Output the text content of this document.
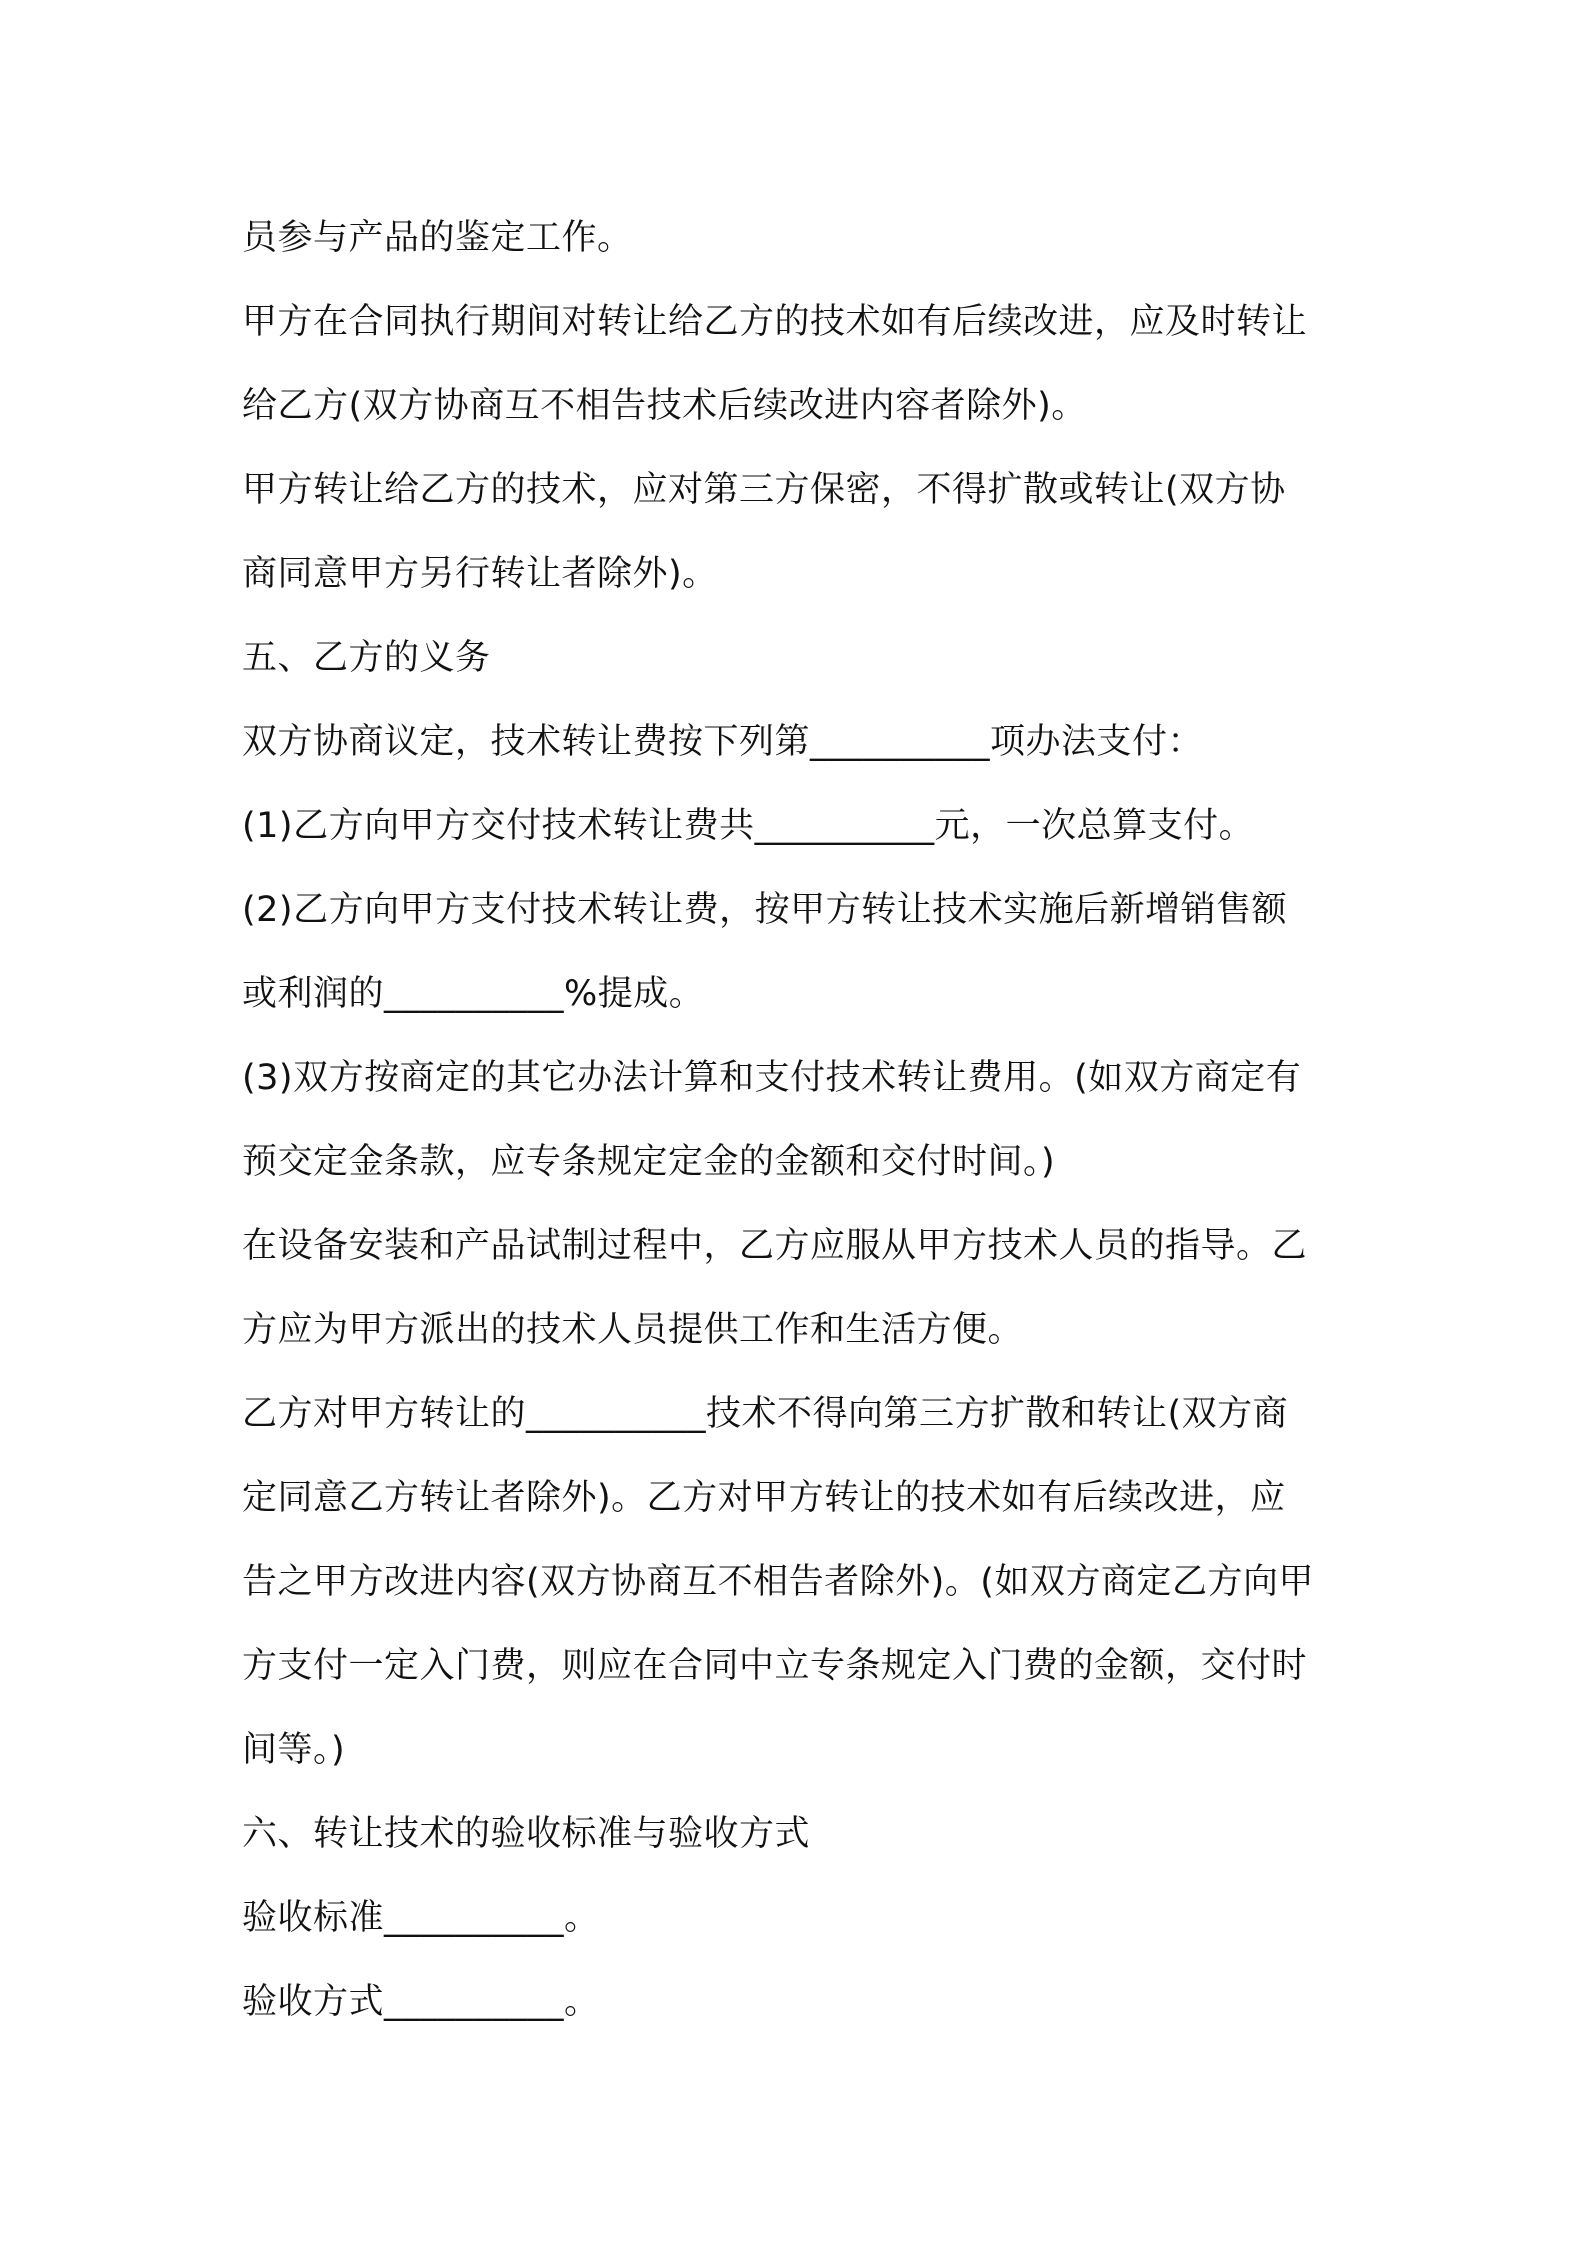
员参与产品的鉴定工作。
甲方在合同执行期间对转让给乙方的技术如有后续改进，应及时转让
给乙方(双方协商互不相告技术后续改进内容者除外)。
甲方转让给乙方的技术，应对第三方保密，不得扩散或转让(双方协
商同意甲方另行转让者除外)。
五、乙方的义务
双方协商议定，技术转让费按下列第__________项办法支付：
(1)乙方向甲方交付技术转让费共__________元，一次总算支付。
(2)乙方向甲方支付技术转让费，按甲方转让技术实施后新增销售额
或利润的__________%提成。
(3)双方按商定的其它办法计算和支付技术转让费用。(如双方商定有
预交定金条款，应专条规定定金的金额和交付时间。)
在设备安装和产品试制过程中，乙方应服从甲方技术人员的指导。乙
方应为甲方派出的技术人员提供工作和生活方便。
乙方对甲方转让的__________技术不得向第三方扩散和转让(双方商
定同意乙方转让者除外)。乙方对甲方转让的技术如有后续改进，应
告之甲方改进内容(双方协商互不相告者除外)。(如双方商定乙方向甲
方支付一定入门费，则应在合同中立专条规定入门费的金额，交付时
间等。)
六、转让技术的验收标准与验收方式
验收标准__________。
验收方式__________。
